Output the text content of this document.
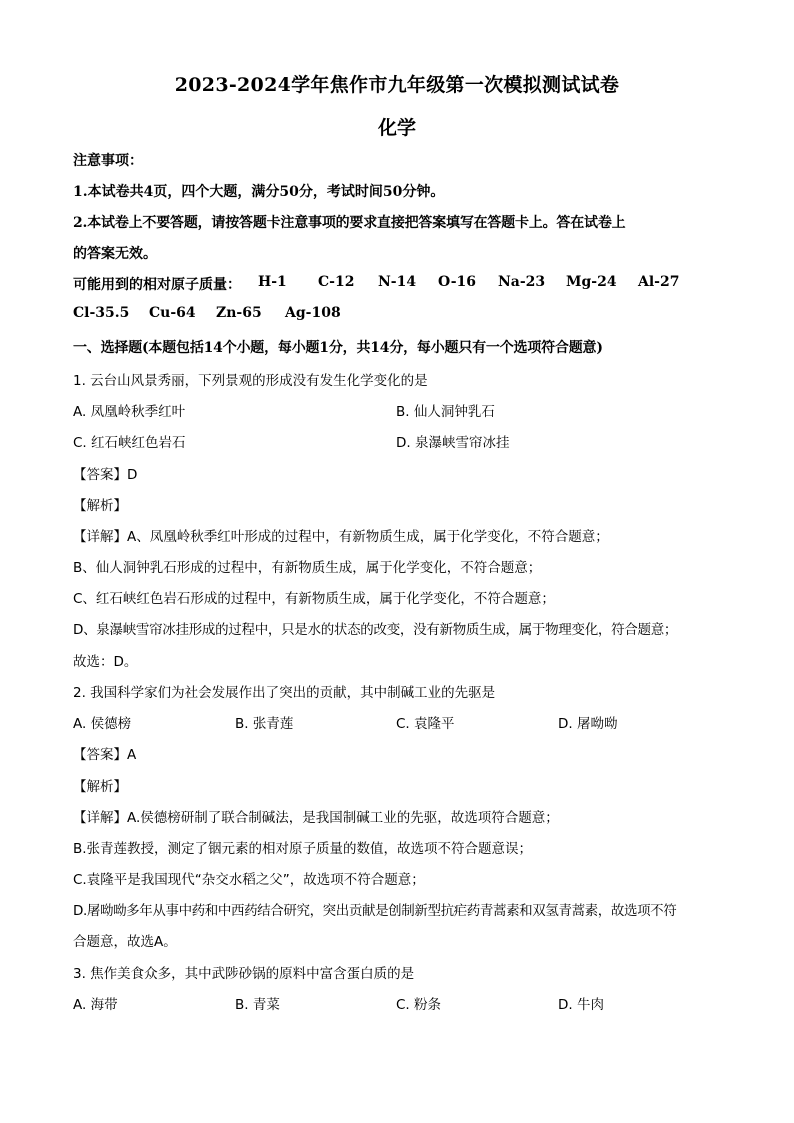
2023-2024学年焦作市九年级第一次模拟测试试卷
化学
注意事项：
1.本试卷共4页，四个大题，满分50分，考试时间50分钟。
2.本试卷上不要答题，请按答题卡注意事项的要求直接把答案填写在答题卡上。答在试卷上
的答案无效。
可能用到的相对原子质量： H-1 C-12 N-14 O-16 Na-23 Mg-24 Al-27
Cl-35.5 Cu-64 Zn-65 Ag-108
一、选择题(本题包括14个小题，每小题1分，共14分，每小题只有一个选项符合题意)
1. 云台山风景秀丽，下列景观的形成没有发生化学变化的是
A. 凤凰岭秋季红叶	B. 仙人洞钟乳石
C. 红石峡红色岩石	D. 泉瀑峡雪帘冰挂
【答案】D
【解析】
【详解】A、凤凰岭秋季红叶形成的过程中，有新物质生成，属于化学变化，不符合题意；
B、仙人洞钟乳石形成的过程中，有新物质生成，属于化学变化，不符合题意；
C、红石峡红色岩石形成的过程中，有新物质生成，属于化学变化，不符合题意；
D、泉瀑峡雪帘冰挂形成的过程中，只是水的状态的改变，没有新物质生成，属于物理变化，符合题意；
故选：D。
2. 我国科学家们为社会发展作出了突出的贡献，其中制碱工业的先驱是
A. 侯德榜	B. 张青莲	C. 袁隆平	D. 屠呦呦
【答案】A
【解析】
【详解】A.侯德榜研制了联合制碱法，是我国制碱工业的先驱，故选项符合题意；
B.张青莲教授，测定了铟元素的相对原子质量的数值，故选项不符合题意误；
C.袁隆平是我国现代“杂交水稻之父”，故选项不符合题意；
D.屠呦呦多年从事中药和中西药结合研究，突出贡献是创制新型抗疟药青蒿素和双氢青蒿素，故选项不符
合题意，故选A。
3. 焦作美食众多，其中武陟砂锅的原料中富含蛋白质的是
A. 海带	B. 青菜	C. 粉条	D. 牛肉
